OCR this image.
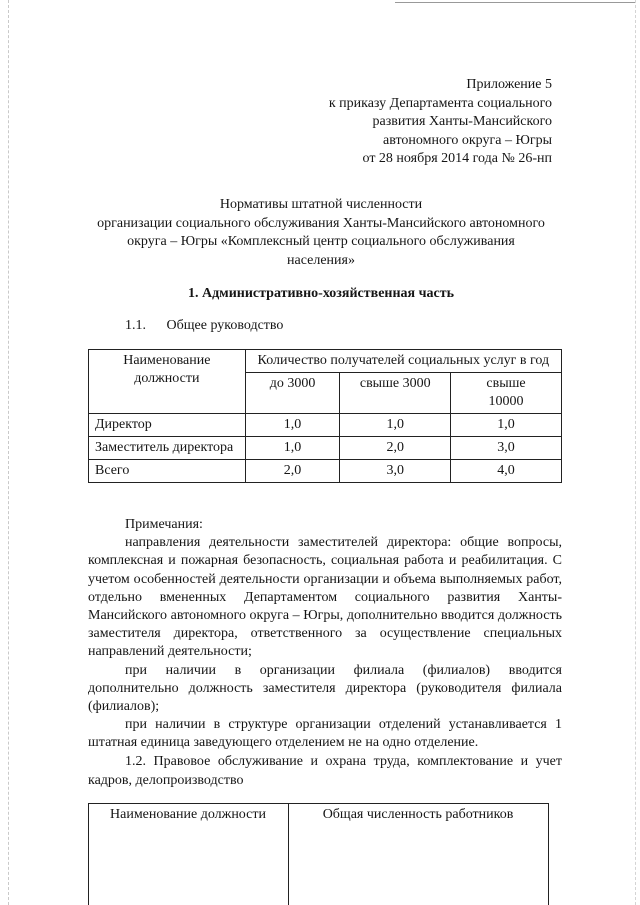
Приложение 5
к приказу Департамента социального
развития Ханты-Мансийского
автономного округа – Югры
от 28 ноября 2014 года № 26-нп
Нормативы штатной численности
организации социального обслуживания Ханты-Мансийского автономного
округа – Югры «Комплексный центр социального обслуживания
населения»
1. Административно-хозяйственная часть
1.1. Общее руководство
Наименование должности	Количество получателей социальных услуг в год		
	до 3000	свыше 3000	свыше 10000
Директор	1,0	1,0	1,0
Заместитель директора	1,0	2,0	3,0
Всего	2,0	3,0	4,0

Примечания:

направления деятельности заместителей директора: общие вопросы, комплексная и пожарная безопасность, социальная работа и реабилитация. С учетом особенностей деятельности организации и объема выполняемых работ, отдельно вмененных Департаментом социального развития Ханты-Мансийского автономного округа – Югры, дополнительно вводится должность заместителя директора, ответственного за осуществление специальных направлений деятельности;

при наличии в организации филиала (филиалов) вводится дополнительно должность заместителя директора (руководителя филиала (филиалов);

при наличии в структуре организации отделений устанавливается 1 штатная единица заведующего отделением не на одно отделение.

1.2. Правовое обслуживание и охрана труда, комплектование и учет кадров, делопроизводство
Наименование должности	Общая численность работников
